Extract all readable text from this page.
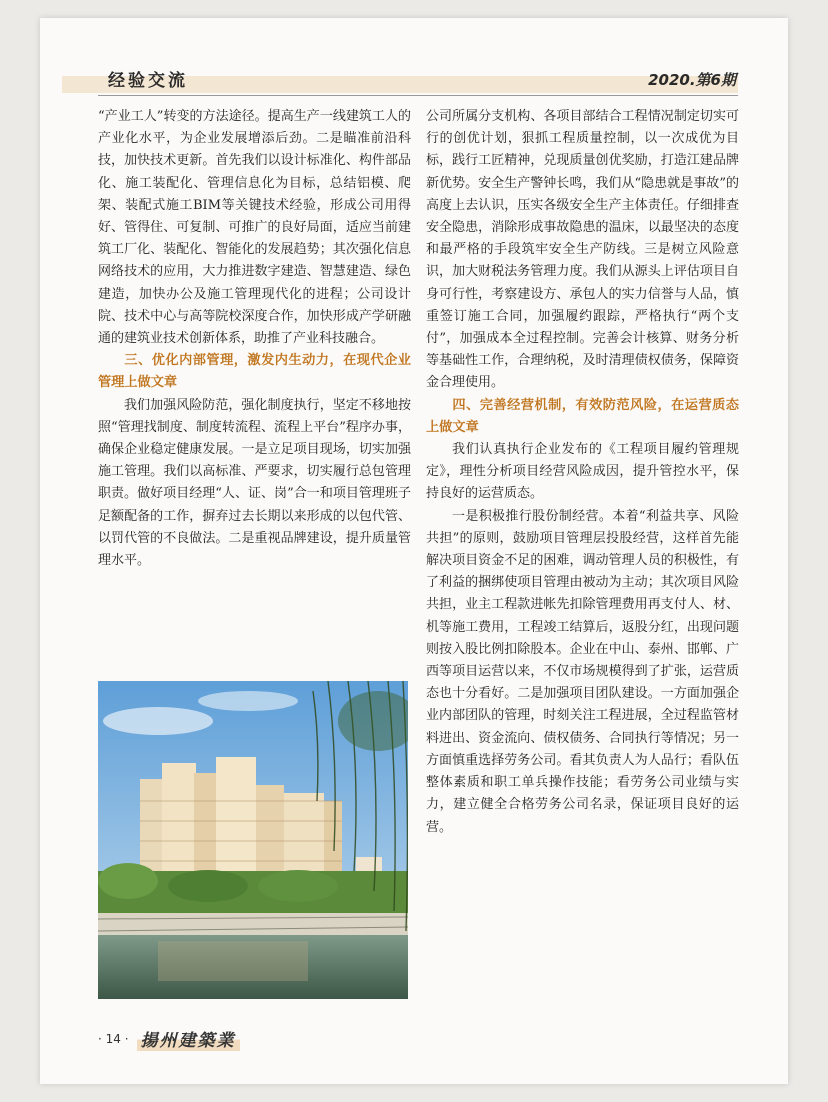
经验交流	2020.第6期

“产业工人”转变的方法途径。提高生产一线建筑工人的产业化水平，为企业发展增添后劲。二是瞄准前沿科技，加快技术更新。首先我们以设计标准化、构件部品化、施工装配化、管理信息化为目标，总结铝模、爬架、装配式施工BIM等关键技术经验，形成公司用得好、管得住、可复制、可推广的良好局面，适应当前建筑工厂化、装配化、智能化的发展趋势；其次强化信息网络技术的应用，大力推进数字建造、智慧建造、绿色建造，加快办公及施工管理现代化的进程；公司设计院、技术中心与高等院校深度合作，加快形成产学研融通的建筑业技术创新体系，助推了产业科技融合。

三、优化内部管理，激发内生动力，在现代企业管理上做文章

我们加强风险防范，强化制度执行，坚定不移地按照“管理找制度、制度转流程、流程上平台”程序办事，确保企业稳定健康发展。一是立足项目现场，切实加强施工管理。我们以高标准、严要求，切实履行总包管理职责。做好项目经理“人、证、岗”合一和项目管理班子足额配备的工作，摒弃过去长期以来形成的以包代管、以罚代管的不良做法。二是重视品牌建设，提升质量管理水平。

公司所属分支机构、各项目部结合工程情况制定切实可行的创优计划，狠抓工程质量控制，以一次成优为目标，践行工匠精神，兑现质量创优奖励，打造江建品牌新优势。安全生产警钟长鸣，我们从“隐患就是事故”的高度上去认识，压实各级安全生产主体责任。仔细排查安全隐患，消除形成事故隐患的温床，以最坚决的态度和最严格的手段筑牢安全生产防线。三是树立风险意识，加大财税法务管理力度。我们从源头上评估项目自身可行性，考察建设方、承包人的实力信誉与人品，慎重签订施工合同，加强履约跟踪，严格执行“两个支付”，加强成本全过程控制。完善会计核算、财务分析等基础性工作，合理纳税，及时清理债权债务，保障资金合理使用。

四、完善经营机制，有效防范风险，在运营质态上做文章

我们认真执行企业发布的《工程项目履约管理规定》，理性分析项目经营风险成因，提升管控水平，保持良好的运营质态。

一是积极推行股份制经营。本着“利益共享、风险共担”的原则，鼓励项目管理层投股经营，这样首先能解决项目资金不足的困难，调动管理人员的积极性，有了利益的捆绑使项目管理由被动为主动；其次项目风险共担，业主工程款进帐先扣除管理费用再支付人、材、机等施工费用，工程竣工结算后，返股分红，出现问题则按入股比例扣除股本。企业在中山、泰州、邯郸、广西等项目运营以来，不仅市场规模得到了扩张，运营质态也十分看好。二是加强项目团队建设。一方面加强企业内部团队的管理，时刻关注工程进展，全过程监管材料进出、资金流向、债权债务、合同执行等情况；另一方面慎重选择劳务公司。看其负责人为人品行；看队伍整体素质和职工单兵操作技能；看劳务公司业绩与实力，建立健全合格劳务公司名录，保证项目良好的运营。

· 14 · 揚州建築業
